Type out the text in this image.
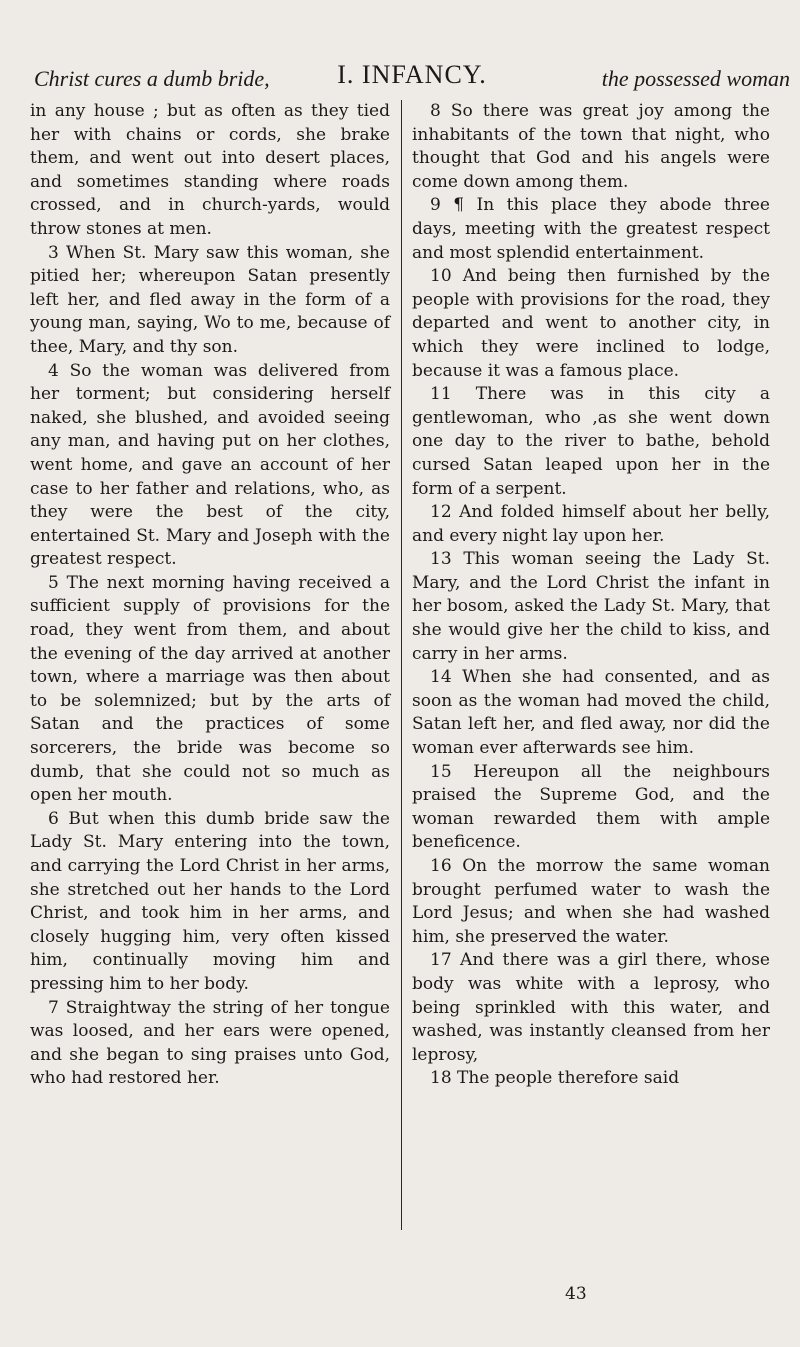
Christ cures a dumb bride,	I. INFANCY.	the possessed woman

in any house ; but as often as they tied her with chains or cords, she brake them, and went out into desert places, and sometimes standing where roads crossed, and in church-yards, would throw stones at men.

3 When St. Mary saw this woman, she pitied her; whereupon Satan presently left her, and fled away in the form of a young man, saying, Wo to me, because of thee, Mary, and thy son.

4 So the woman was delivered from her torment; but considering herself naked, she blushed, and avoided seeing any man, and having put on her clothes, went home, and gave an account of her case to her father and relations, who, as they were the best of the city, entertained St. Mary and Joseph with the greatest respect.

5 The next morning having received a sufficient supply of provisions for the road, they went from them, and about the evening of the day arrived at another town, where a marriage was then about to be solemnized; but by the arts of Satan and the practices of some sorcerers, the bride was become so dumb, that she could not so much as open her mouth.

6 But when this dumb bride saw the Lady St. Mary entering into the town, and carrying the Lord Christ in her arms, she stretched out her hands to the Lord Christ, and took him in her arms, and closely hugging him, very often kissed him, continually moving him and pressing him to her body.

7 Straightway the string of her tongue was loosed, and her ears were opened, and she began to sing praises unto God, who had restored her.

8 So there was great joy among the inhabitants of the town that night, who thought that God and his angels were come down among them.

9 ¶ In this place they abode three days, meeting with the greatest respect and most splendid entertainment.

10 And being then furnished by the people with provisions for the road, they departed and went to another city, in which they were inclined to lodge, because it was a famous place.

11 There was in this city a gentlewoman, who ,as she went down one day to the river to bathe, behold cursed Satan leaped upon her in the form of a serpent.

12 And folded himself about her belly, and every night lay upon her.

13 This woman seeing the Lady St. Mary, and the Lord Christ the infant in her bosom, asked the Lady St. Mary, that she would give her the child to kiss, and carry in her arms.

14 When she had consented, and as soon as the woman had moved the child, Satan left her, and fled away, nor did the woman ever afterwards see him.

15 Hereupon all the neighbours praised the Supreme God, and the woman rewarded them with ample beneficence.

16 On the morrow the same woman brought perfumed water to wash the Lord Jesus; and when she had washed him, she preserved the water.

17 And there was a girl there, whose body was white with a leprosy, who being sprinkled with this water, and washed, was instantly cleansed from her leprosy,

18 The people therefore said

43
